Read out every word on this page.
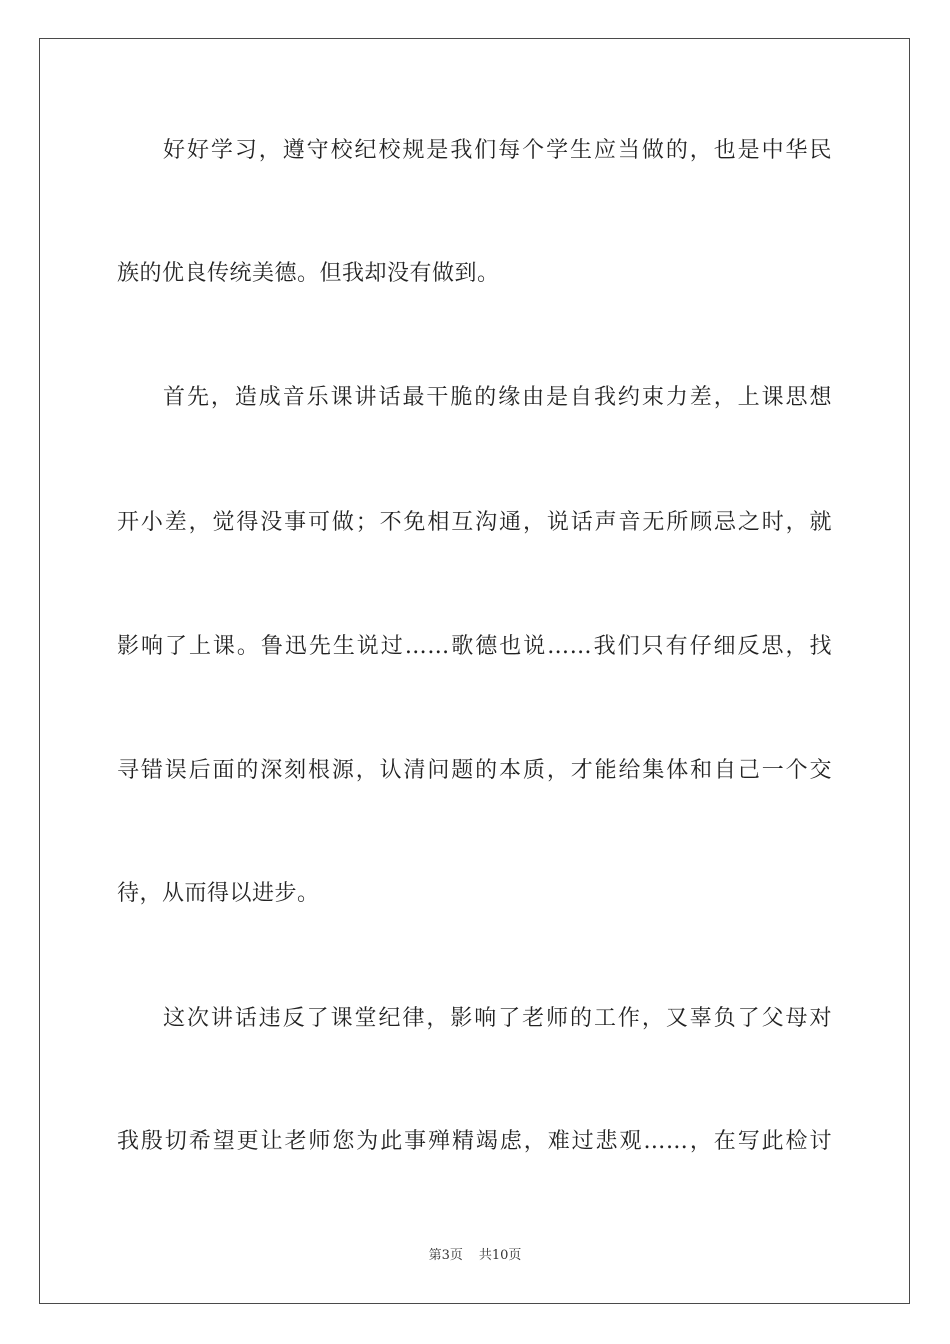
好好学习，遵守校纪校规是我们每个学生应当做的，也是中华民
族的优良传统美德。但我却没有做到。
首先，造成音乐课讲话最干脆的缘由是自我约束力差，上课思想
开小差，觉得没事可做；不免相互沟通，说话声音无所顾忌之时，就
影响了上课。鲁迅先生说过……歌德也说……我们只有仔细反思，找
寻错误后面的深刻根源，认清问题的本质，才能给集体和自己一个交
待，从而得以进步。
这次讲话违反了课堂纪律，影响了老师的工作，又辜负了父母对
我殷切希望更让老师您为此事殚精竭虑，难过悲观……，在写此检讨
第3页 共10页
